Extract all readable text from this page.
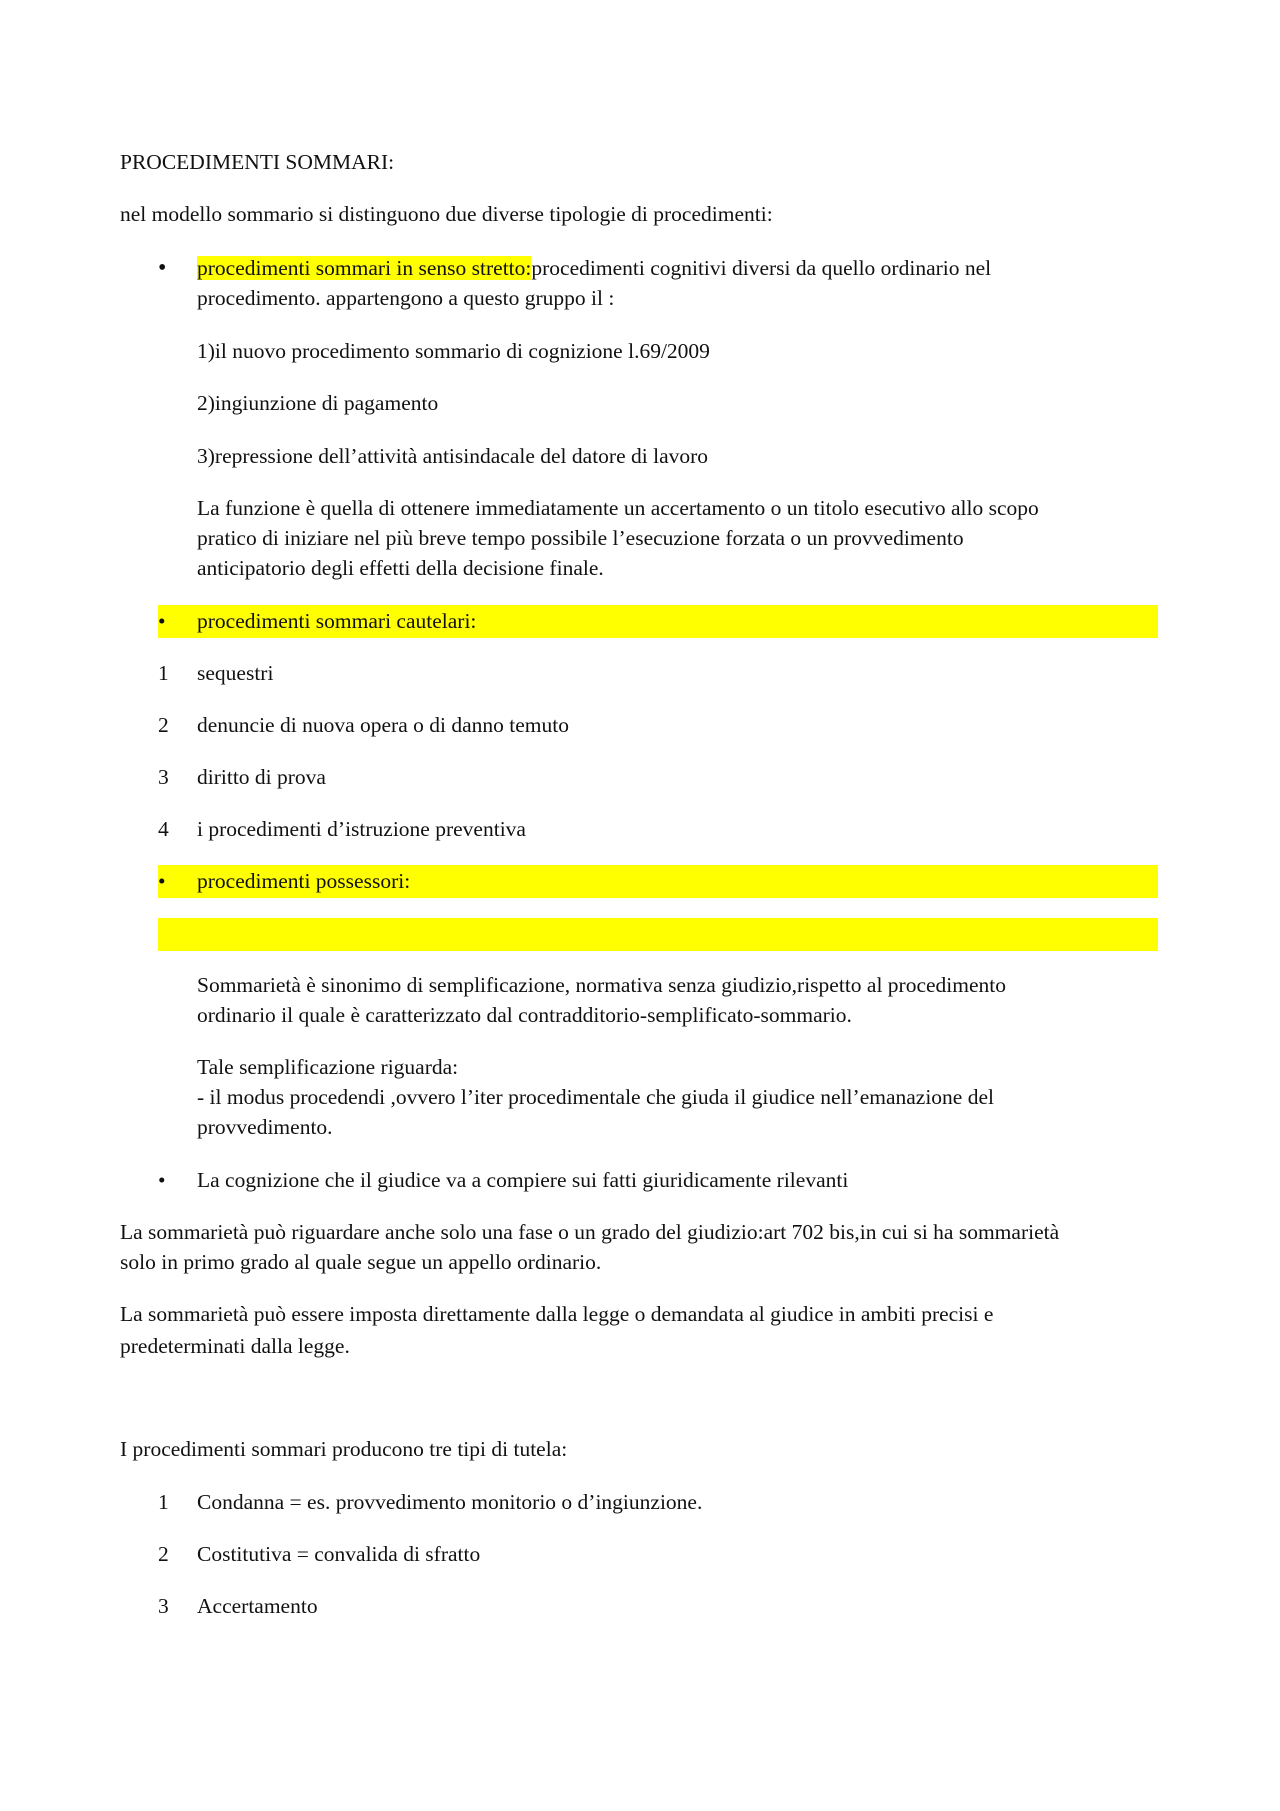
PROCEDIMENTI SOMMARI:
nel modello sommario si distinguono due diverse tipologie di procedimenti:
•	procedimenti sommari in senso stretto:procedimenti cognitivi diversi da quello ordinario nel
procedimento. appartengono a questo gruppo il :
1)il nuovo procedimento sommario di cognizione l.69/2009
2)ingiunzione di pagamento
3)repressione dell’attività antisindacale del datore di lavoro
La funzione è quella di ottenere immediatamente un accertamento o un titolo esecutivo allo scopo
pratico di iniziare nel più breve tempo possibile l’esecuzione forzata o un provvedimento
anticipatorio degli effetti della decisione finale.
•	procedimenti sommari cautelari:
1	sequestri
2	denuncie di nuova opera o di danno temuto
3	diritto di prova
4	i procedimenti d’istruzione preventiva
•	procedimenti possessori:
Sommarietà è sinonimo di semplificazione, normativa senza giudizio,rispetto al procedimento
ordinario il quale è caratterizzato dal contradditorio-semplificato-sommario.
Tale semplificazione riguarda:
- il modus procedendi ,ovvero l’iter procedimentale che giuda il giudice nell’emanazione del
provvedimento.
•	La cognizione che il giudice va a compiere sui fatti giuridicamente rilevanti
La sommarietà può riguardare anche solo una fase o un grado del giudizio:art 702 bis,in cui si ha sommarietà
solo in primo grado al quale segue un appello ordinario.
La sommarietà può essere imposta direttamente dalla legge o demandata al giudice in ambiti precisi e
predeterminati dalla legge.
I procedimenti sommari producono tre tipi di tutela:
1	Condanna = es. provvedimento monitorio o d’ingiunzione.
2	Costitutiva = convalida di sfratto
3	Accertamento
